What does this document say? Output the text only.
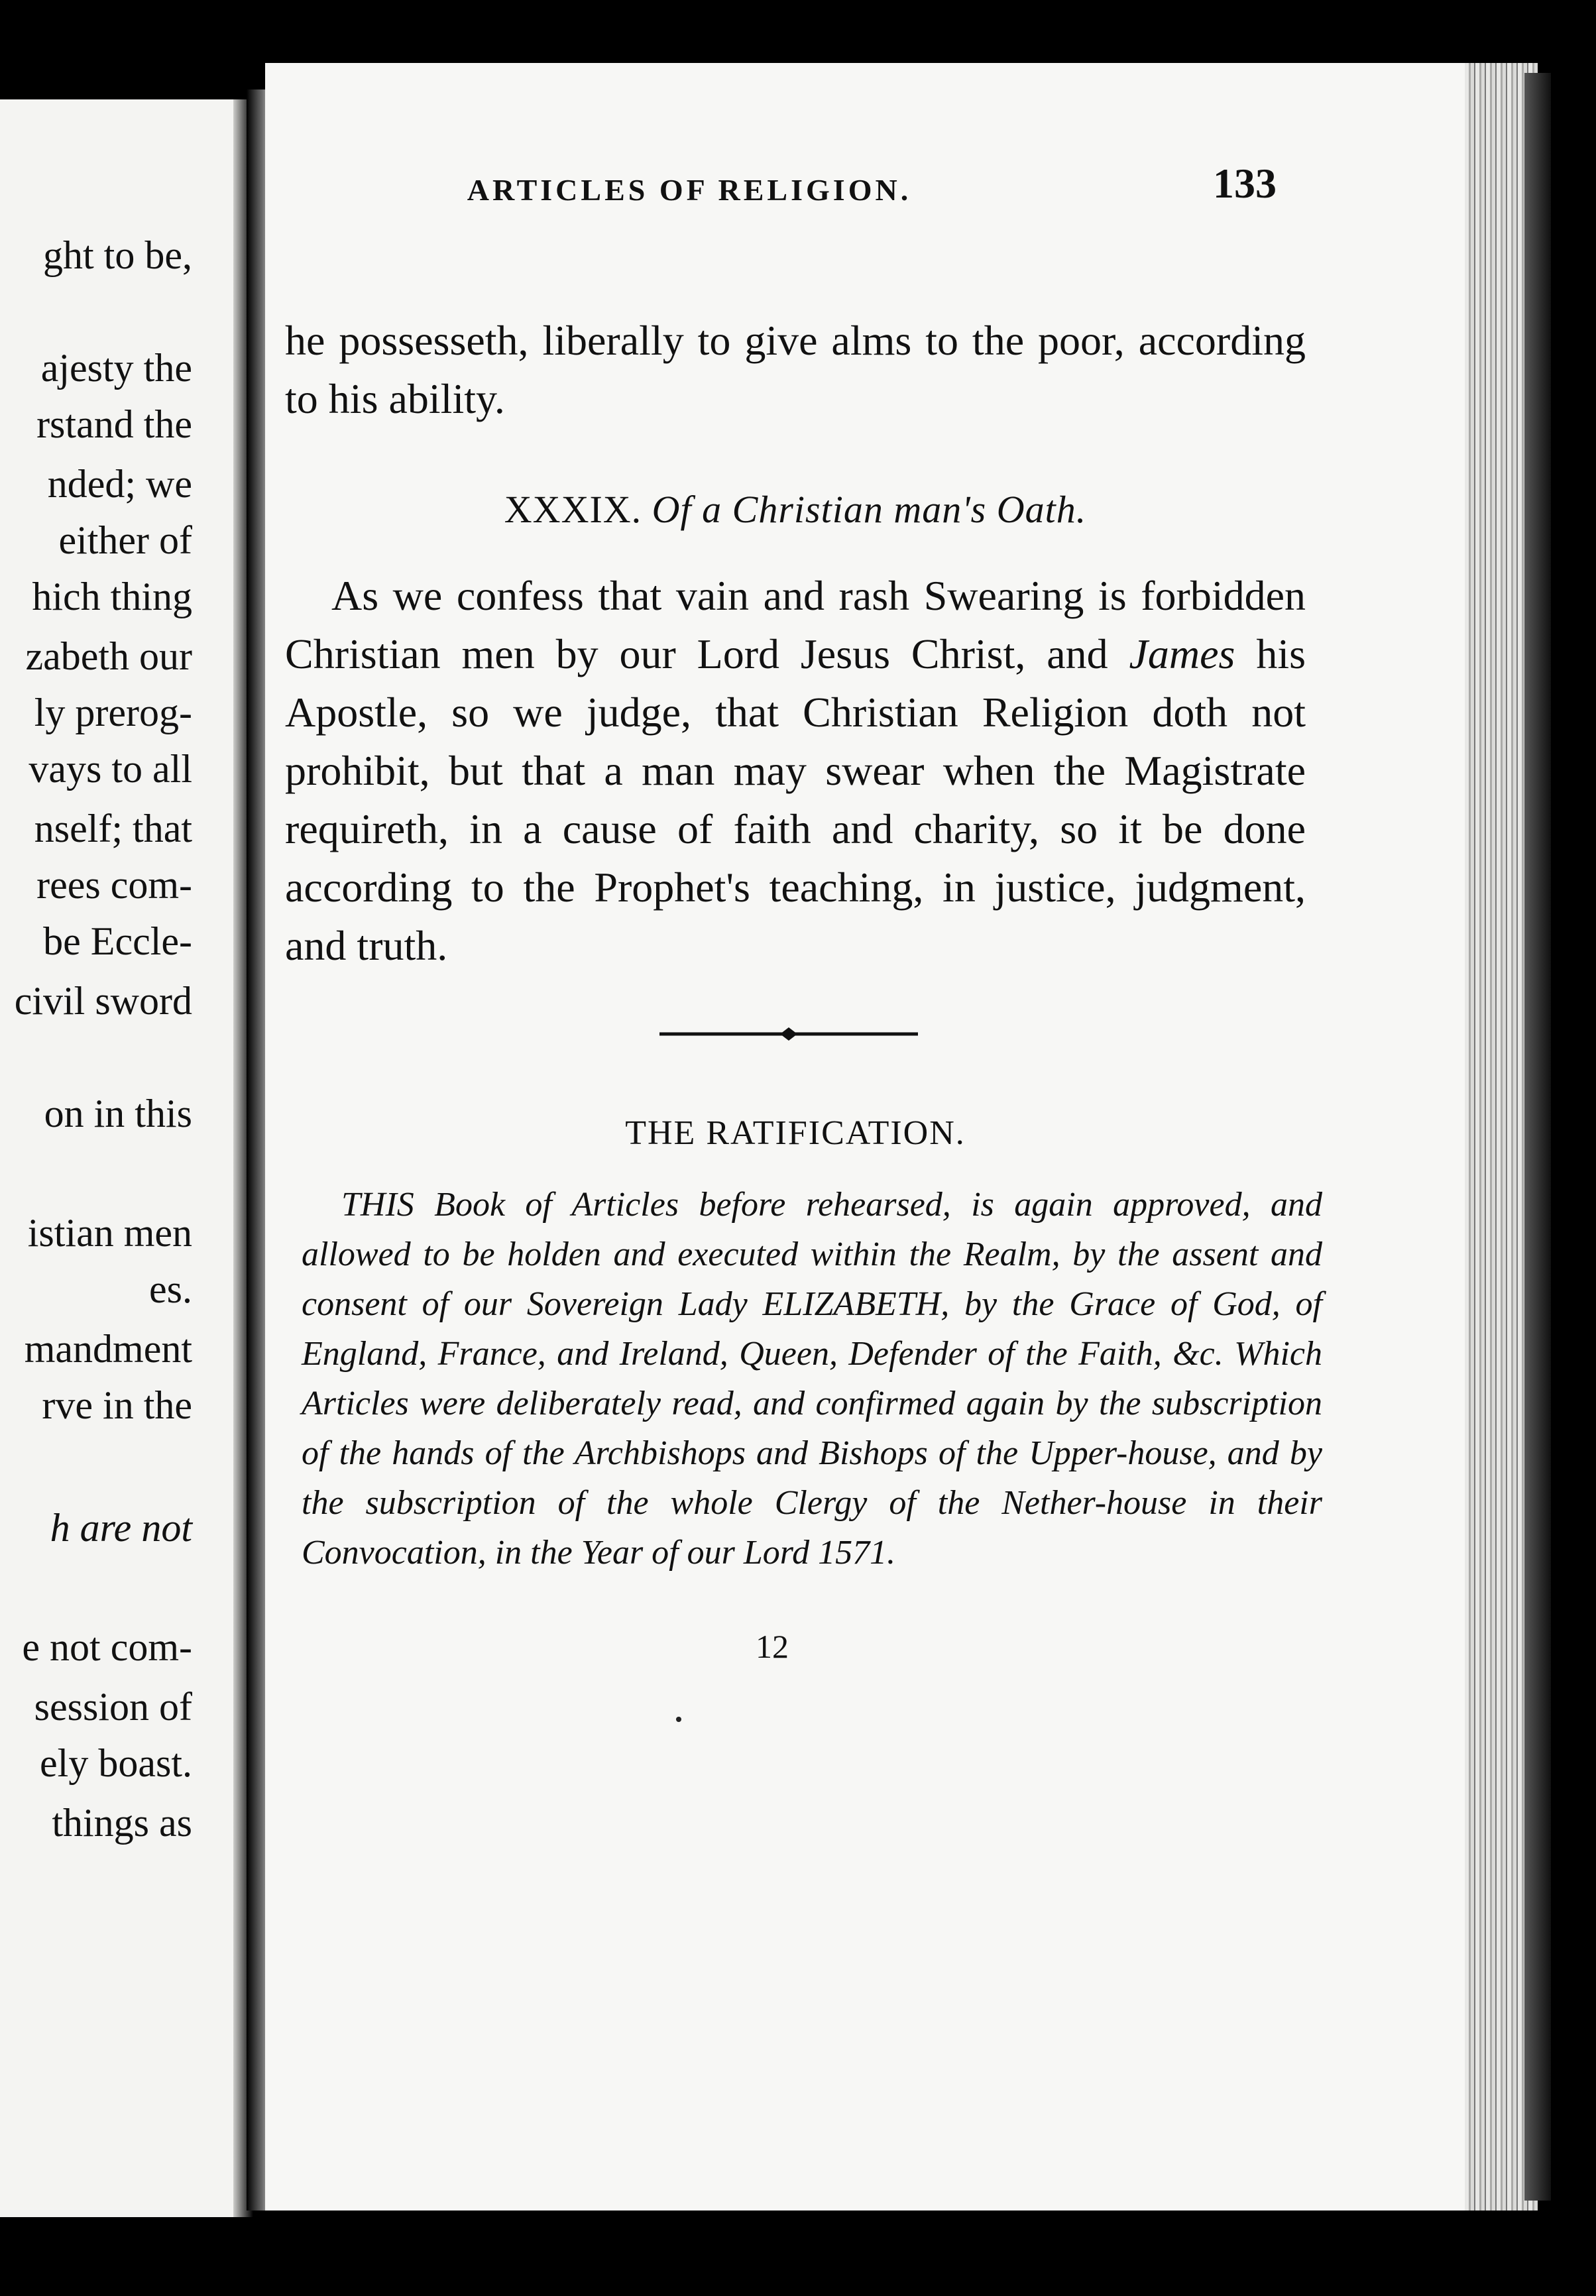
ght to be,
ajesty the
rstand the
nded; we
either of
hich thing
zabeth our
ly prerog-
vays to all
nself; that
rees com-
be Eccle-
civil sword
on in this
istian men
es.
mandment
rve in the
h are not
e not com-
session of
ely boast.
things as
ARTICLES OF RELIGION.	133

he possesseth, liberally to give alms to the poor, according to his ability.

XXXIX. Of a Christian man's Oath.

As we confess that vain and rash Swearing is forbidden Christian men by our Lord Jesus Christ, and James his Apostle, so we judge, that Christian Religion doth not prohibit, but that a man may swear when the Magistrate requireth, in a cause of faith and charity, so it be done according to the Prophet's teaching, in justice, judgment, and truth.

THE RATIFICATION.

THIS Book of Articles before rehearsed, is again approved, and allowed to be holden and executed within the Realm, by the assent and consent of our Sovereign Lady ELIZABETH, by the Grace of God, of England, France, and Ireland, Queen, Defender of the Faith, &c. Which Articles were deliberately read, and confirmed again by the subscription of the hands of the Archbishops and Bishops of the Upper-house, and by the subscription of the whole Clergy of the Nether-house in their Convocation, in the Year of our Lord 1571.

12
